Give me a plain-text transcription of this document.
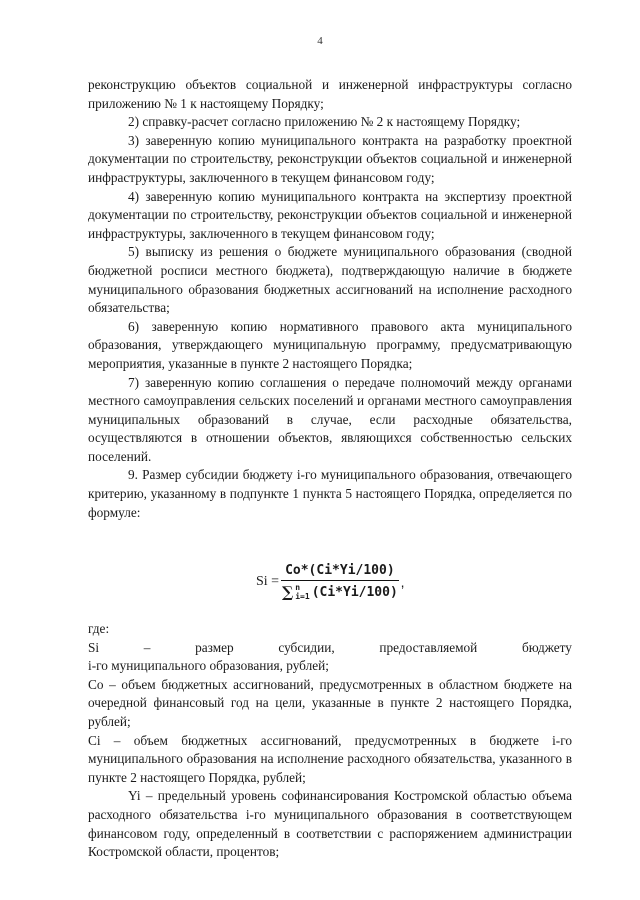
4

реконструкцию объектов социальной и инженерной инфраструктуры согласно приложению № 1 к настоящему Порядку;

2) справку-расчет согласно приложению № 2 к настоящему Порядку;

3) заверенную копию муниципального контракта на разработку проектной документации по строительству, реконструкции объектов социальной и инженерной инфраструктуры, заключенного в текущем финансовом году;

4) заверенную копию муниципального контракта на экспертизу проектной документации по строительству, реконструкции объектов социальной и инженерной инфраструктуры, заключенного в текущем финансовом году;

5) выписку из решения о бюджете муниципального образования (сводной бюджетной росписи местного бюджета), подтверждающую наличие в бюджете муниципального образования бюджетных ассигнований на исполнение расходного обязательства;

6) заверенную копию нормативного правового акта муниципального образования, утверждающего муниципальную программу, предусматривающую мероприятия, указанные в пункте 2 настоящего Порядка;

7) заверенную копию соглашения о передаче полномочий между органами местного самоуправления сельских поселений и органами местного самоуправления муниципальных образований в случае, если расходные обязательства, осуществляются в отношении объектов, являющихся собственностью сельских поселений.

9. Размер субсидии бюджету i-го муниципального образования, отвечающего критерию, указанному в подпункте 1 пункта 5 настоящего Порядка, определяется по формуле:

Si =
Co*(Ci*Yi/100)
∑ n
i=1 (Ci*Yi/100)
,

где:

Si	–	размер	субсидии,	предоставляемой	бюджету

i-го муниципального образования, рублей;

Со – объем бюджетных ассигнований, предусмотренных в областном бюджете на очередной финансовый год на цели, указанные в пункте 2 настоящего Порядка, рублей;

Ci – объем бюджетных ассигнований, предусмотренных в бюджете i-го муниципального образования на исполнение расходного обязательства, указанного в пункте 2 настоящего Порядка, рублей;

Yi – предельный уровень софинансирования Костромской областью объема расходного обязательства i-го муниципального образования в соответствующем финансовом году, определенный в соответствии с распоряжением администрации Костромской области, процентов;
